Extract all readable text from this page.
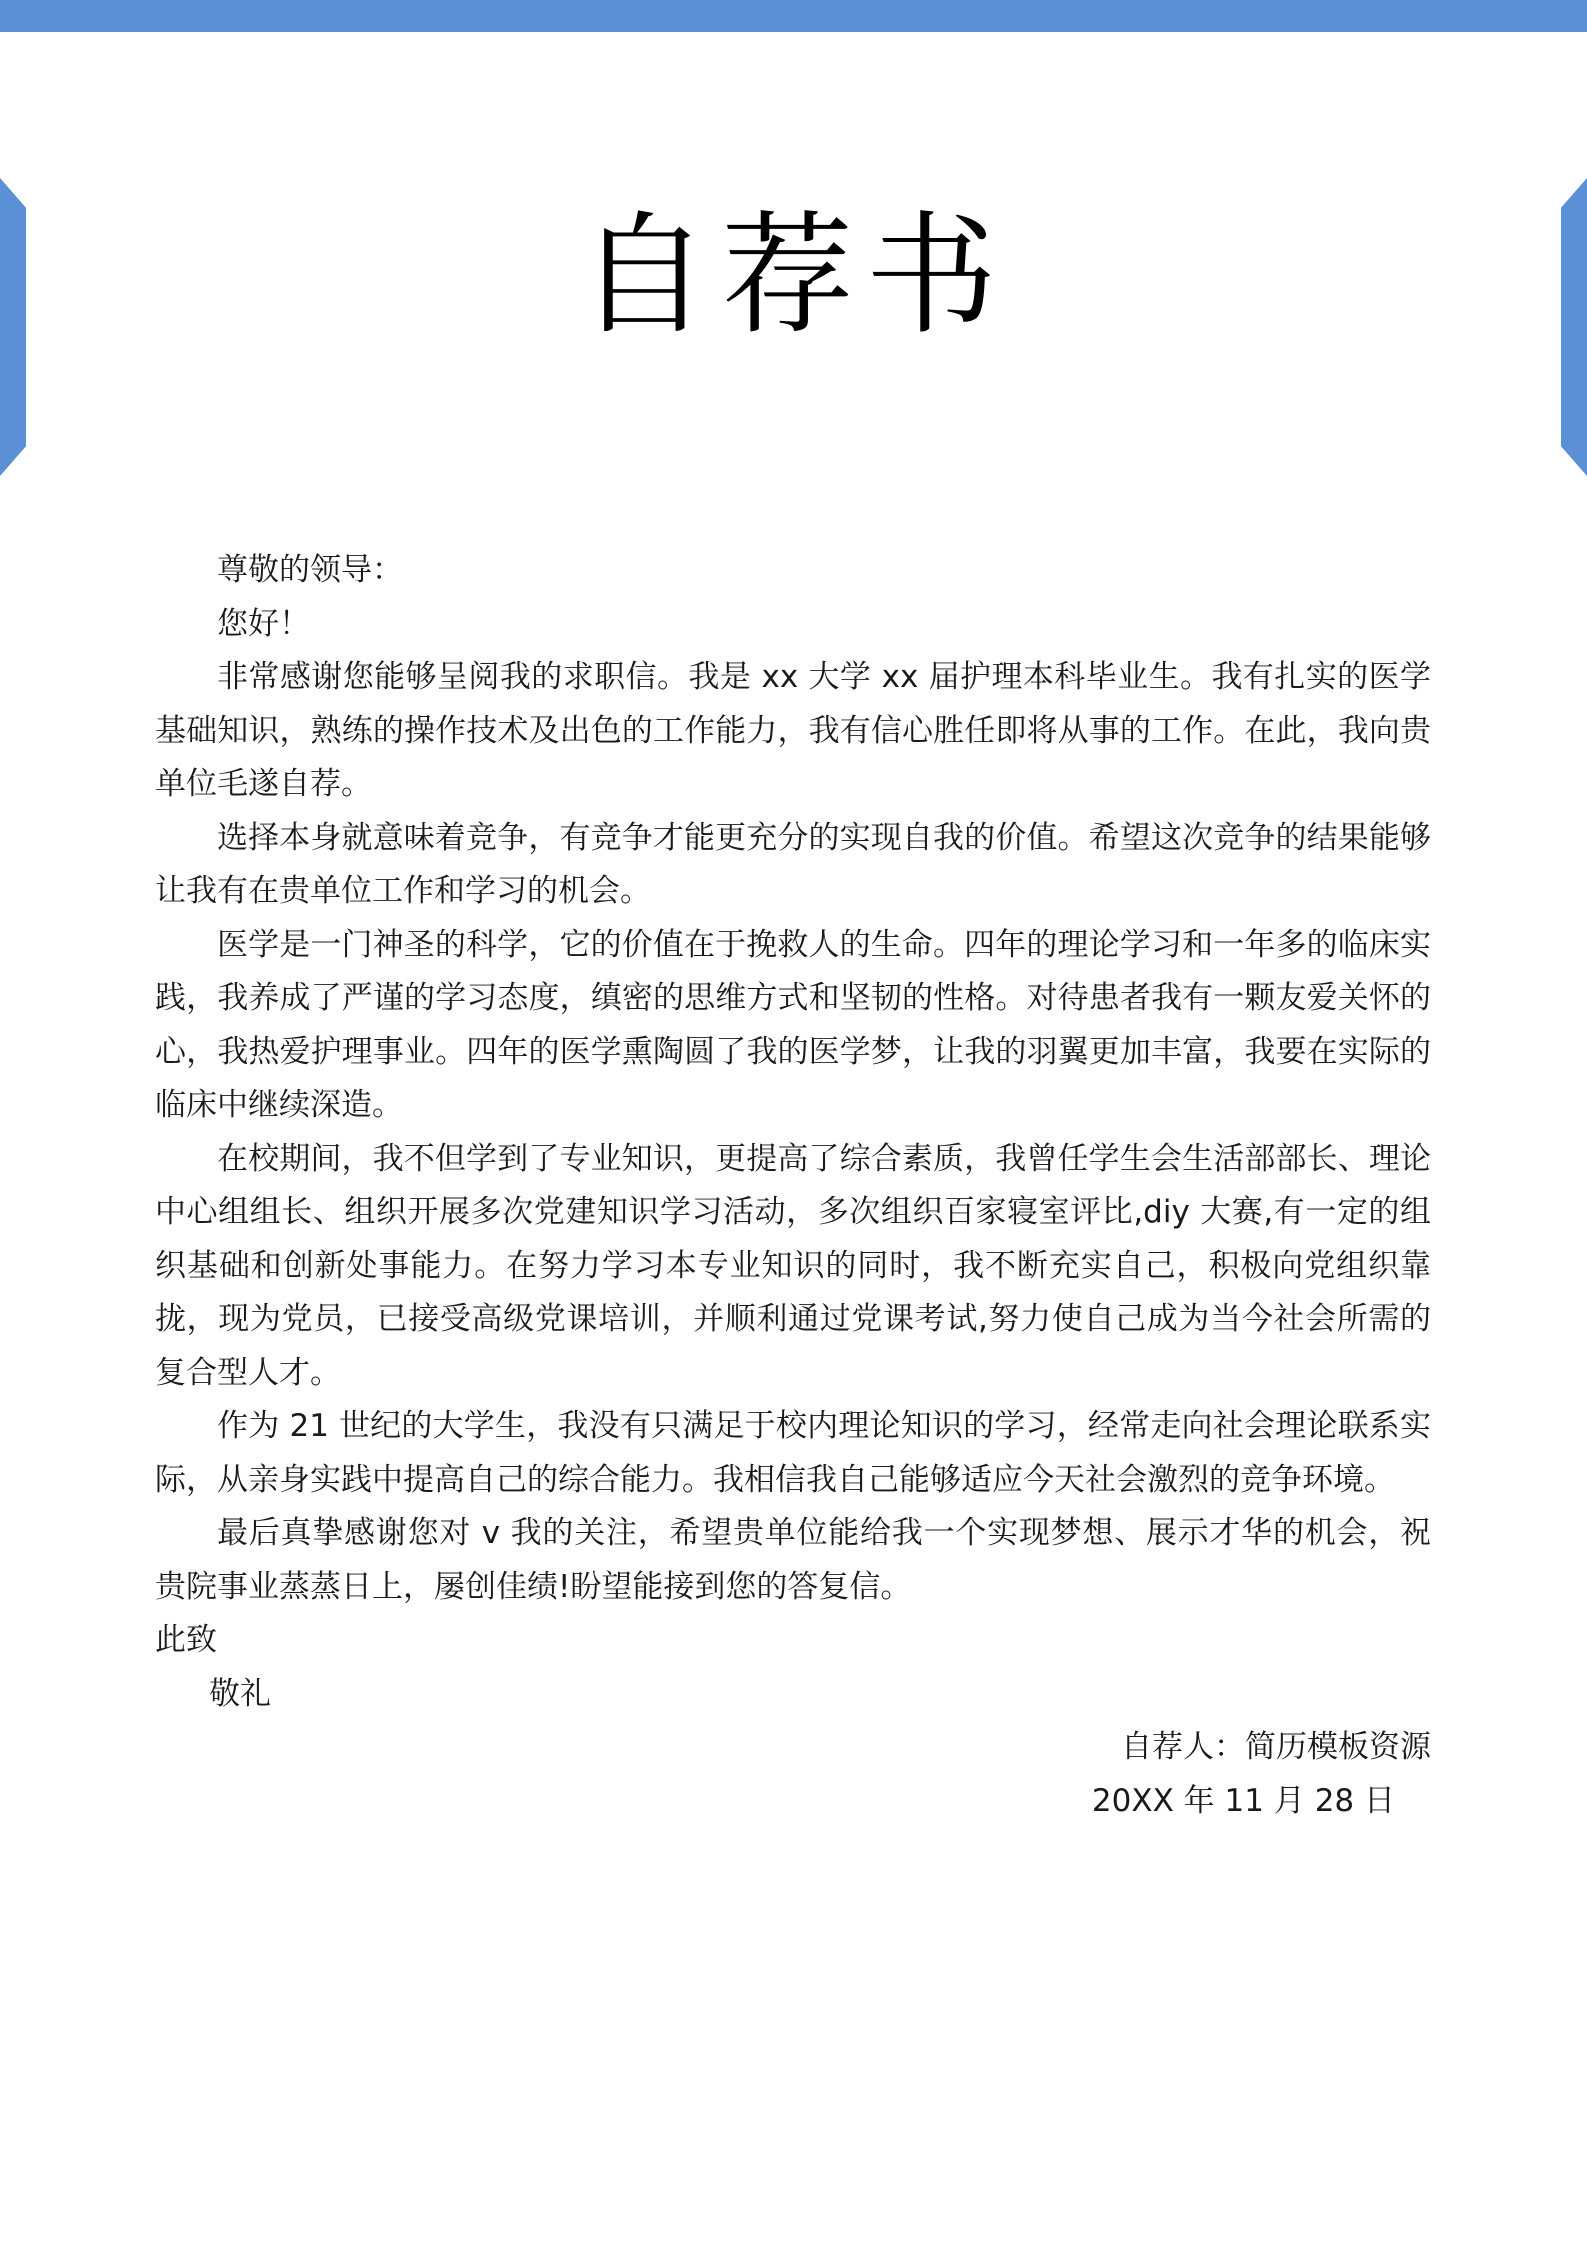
自荐书

尊敬的领导：

您好！

非常感谢您能够呈阅我的求职信。我是 xx 大学 xx 届护理本科毕业生。我有扎实的医学基础知识，熟练的操作技术及出色的工作能力，我有信心胜任即将从事的工作。在此，我向贵单位毛遂自荐。

选择本身就意味着竞争，有竞争才能更充分的实现自我的价值。希望这次竞争的结果能够让我有在贵单位工作和学习的机会。

医学是一门神圣的科学，它的价值在于挽救人的生命。四年的理论学习和一年多的临床实践，我养成了严谨的学习态度，缜密的思维方式和坚韧的性格。对待患者我有一颗友爱关怀的心，我热爱护理事业。四年的医学熏陶圆了我的医学梦，让我的羽翼更加丰富，我要在实际的临床中继续深造。

在校期间，我不但学到了专业知识，更提高了综合素质，我曾任学生会生活部部长、理论中心组组长、组织开展多次党建知识学习活动，多次组织百家寝室评比,diy 大赛,有一定的组织基础和创新处事能力。在努力学习本专业知识的同时，我不断充实自己，积极向党组织靠拢，现为党员，已接受高级党课培训，并顺利通过党课考试,努力使自己成为当今社会所需的复合型人才。

作为 21 世纪的大学生，我没有只满足于校内理论知识的学习，经常走向社会理论联系实际，从亲身实践中提高自己的综合能力。我相信我自己能够适应今天社会激烈的竞争环境。

最后真挚感谢您对 v 我的关注，希望贵单位能给我一个实现梦想、展示才华的机会，祝贵院事业蒸蒸日上，屡创佳绩!盼望能接到您的答复信。

此致

敬礼

自荐人：简历模板资源

20XX 年 11 月 28 日
